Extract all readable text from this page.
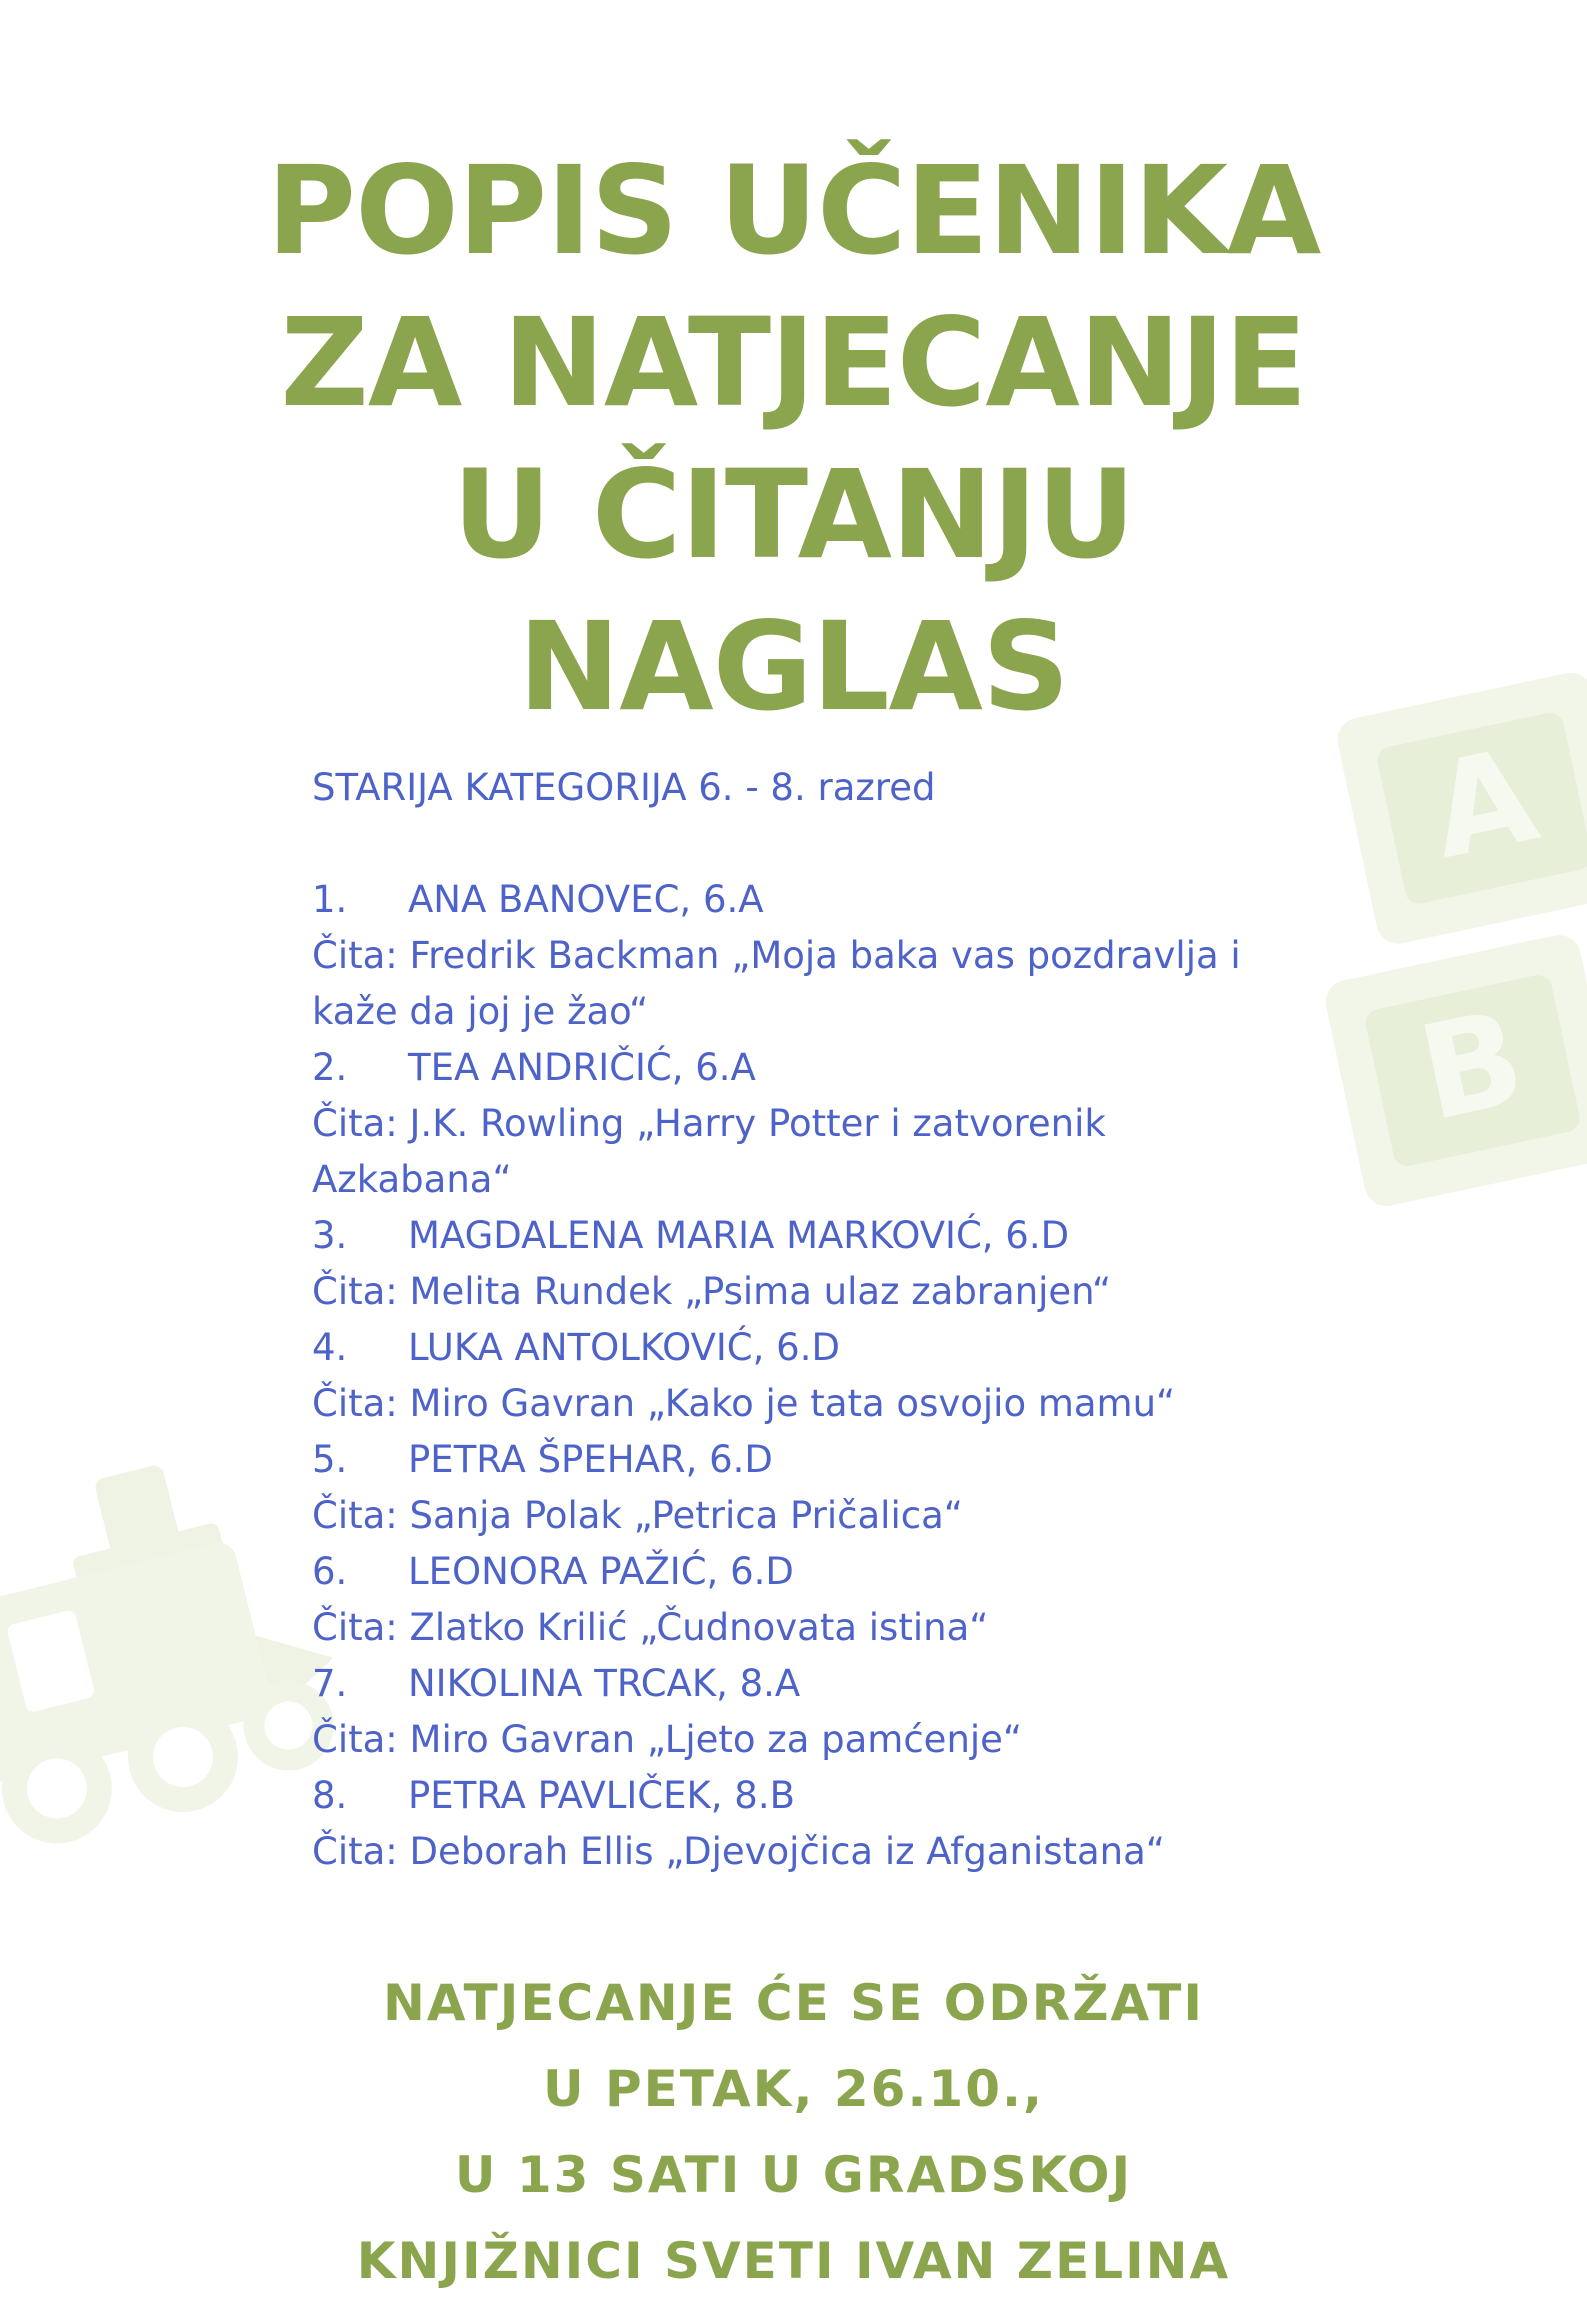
A
B
POPIS UČENIKA
ZA NATJECANJE
U ČITANJU
NAGLAS
STARIJA KATEGORIJA 6. - 8. razred
1.	ANA BANOVEC, 6.A
Čita: Fredrik Backman „Moja baka vas pozdravlja i
kaže da joj je žao“
2.	TEA ANDRIČIĆ, 6.A
Čita: J.K. Rowling „Harry Potter i zatvorenik
Azkabana“
3.	MAGDALENA MARIA MARKOVIĆ, 6.D
Čita: Melita Rundek „Psima ulaz zabranjen“
4.	LUKA ANTOLKOVIĆ, 6.D
Čita: Miro Gavran „Kako je tata osvojio mamu“
5.	PETRA ŠPEHAR, 6.D
Čita: Sanja Polak „Petrica Pričalica“
6.	LEONORA PAŽIĆ, 6.D
Čita: Zlatko Krilić „Čudnovata istina“
7.	NIKOLINA TRCAK, 8.A
Čita: Miro Gavran „Ljeto za pamćenje“
8.	PETRA PAVLIČEK, 8.B
Čita: Deborah Ellis „Djevojčica iz Afganistana“
NATJECANJE ĆE SE ODRŽATI
U PETAK, 26.10.,
U 13 SATI U GRADSKOJ
KNJIŽNICI SVETI IVAN ZELINA
